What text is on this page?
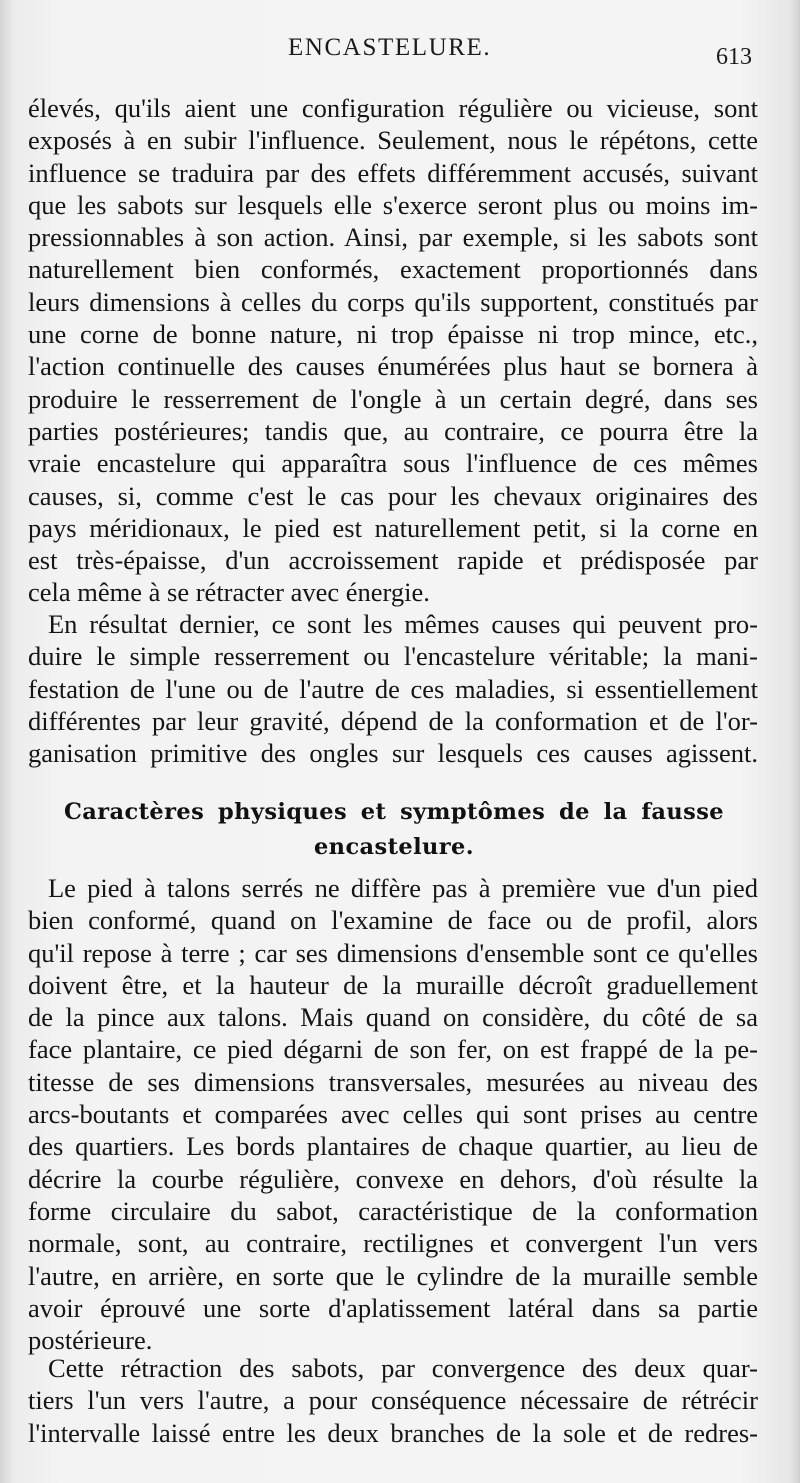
ENCASTELURE.	613
élevés, qu'ils aient une configuration régulière ou vicieuse, sont
exposés à en subir l'influence. Seulement, nous le répétons, cette
influence se traduira par des effets différemment accusés, suivant
que les sabots sur lesquels elle s'exerce seront plus ou moins im-
pressionnables à son action. Ainsi, par exemple, si les sabots sont
naturellement bien conformés, exactement proportionnés dans
leurs dimensions à celles du corps qu'ils supportent, constitués par
une corne de bonne nature, ni trop épaisse ni trop mince, etc.,
l'action continuelle des causes énumérées plus haut se bornera à
produire le resserrement de l'ongle à un certain degré, dans ses
parties postérieures; tandis que, au contraire, ce pourra être la
vraie encastelure qui apparaîtra sous l'influence de ces mêmes
causes, si, comme c'est le cas pour les chevaux originaires des
pays méridionaux, le pied est naturellement petit, si la corne en
est très-épaisse, d'un accroissement rapide et prédisposée par
cela même à se rétracter avec énergie.
En résultat dernier, ce sont les mêmes causes qui peuvent pro-
duire le simple resserrement ou l'encastelure véritable; la mani-
festation de l'une ou de l'autre de ces maladies, si essentiellement
différentes par leur gravité, dépend de la conformation et de l'or-
ganisation primitive des ongles sur lesquels ces causes agissent.
Caractères physiques et symptômes de la fausse
encastelure.
Le pied à talons serrés ne diffère pas à première vue d'un pied
bien conformé, quand on l'examine de face ou de profil, alors
qu'il repose à terre ; car ses dimensions d'ensemble sont ce qu'elles
doivent être, et la hauteur de la muraille décroît graduellement
de la pince aux talons. Mais quand on considère, du côté de sa
face plantaire, ce pied dégarni de son fer, on est frappé de la pe-
titesse de ses dimensions transversales, mesurées au niveau des
arcs-boutants et comparées avec celles qui sont prises au centre
des quartiers. Les bords plantaires de chaque quartier, au lieu de
décrire la courbe régulière, convexe en dehors, d'où résulte la
forme circulaire du sabot, caractéristique de la conformation
normale, sont, au contraire, rectilignes et convergent l'un vers
l'autre, en arrière, en sorte que le cylindre de la muraille semble
avoir éprouvé une sorte d'aplatissement latéral dans sa partie
postérieure.
Cette rétraction des sabots, par convergence des deux quar-
tiers l'un vers l'autre, a pour conséquence nécessaire de rétrécir
l'intervalle laissé entre les deux branches de la sole et de redres-
